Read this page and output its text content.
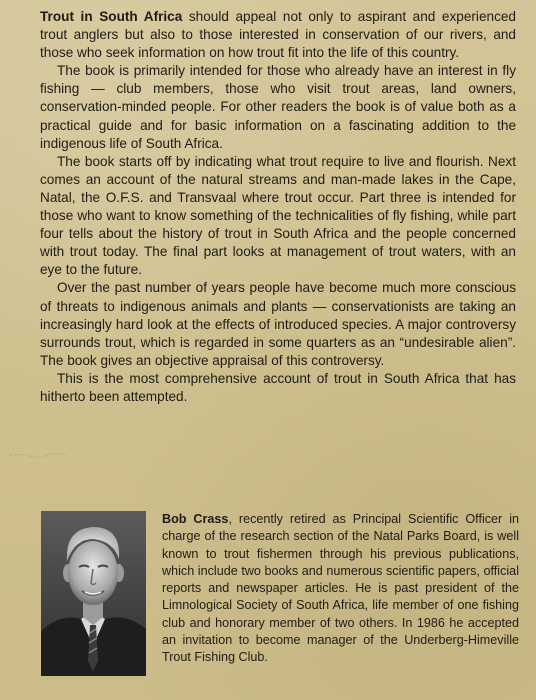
Trout in South Africa should appeal not only to aspirant and experienced trout anglers but also to those interested in conservation of our rivers, and those who seek information on how trout fit into the life of this country.

The book is primarily intended for those who already have an interest in fly fishing — club members, those who visit trout areas, land owners, conservation-minded people. For other readers the book is of value both as a practical guide and for basic information on a fascinating addition to the indigenous life of South Africa.

The book starts off by indicating what trout require to live and flourish. Next comes an account of the natural streams and man-made lakes in the Cape, Natal, the O.F.S. and Transvaal where trout occur. Part three is intended for those who want to know something of the technicalities of fly fishing, while part four tells about the history of trout in South Africa and the people concerned with trout today. The final part looks at management of trout waters, with an eye to the future.

Over the past number of years people have become much more conscious of threats to indigenous animals and plants — conservationists are taking an increasingly hard look at the effects of introduced species. A major controversy surrounds trout, which is regarded in some quarters as an “undesirable alien”. The book gives an objective appraisal of this controversy.

This is the most comprehensive account of trout in South Africa that has hitherto been attempted.

Bob Crass, recently retired as Principal Scientific Officer in charge of the research section of the Natal Parks Board, is well known to trout fishermen through his previous publications, which include two books and numerous scientific papers, official reports and newspaper articles. He is past president of the Limnological Society of South Africa, life member of one fishing club and honorary member of two others. In 1986 he accepted an invitation to become manager of the Underberg-Himeville Trout Fishing Club.
